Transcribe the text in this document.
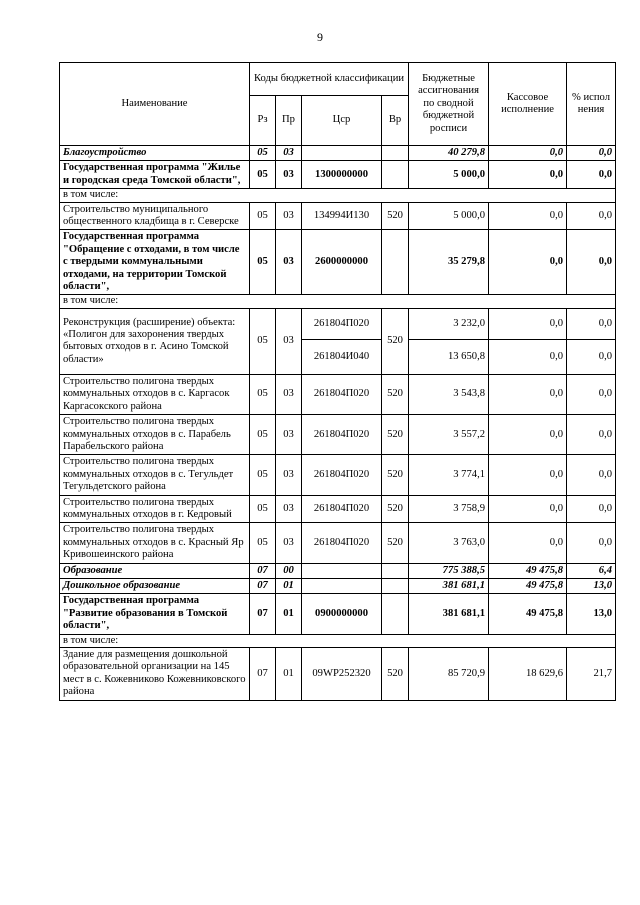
9
Наименование	Коды бюджетной классификации				Бюджетные ассигнования по сводной бюджетной росписи	Кассовое исполнение	% испол нения
	Рз	Пр	Цср	Вр			
Благоустройство	05	03			40 279,8	0,0	0,0
Государственная программа "Жилье и городская среда Томской области",	05	03	1300000000		5 000,0	0,0	0,0
в том числе:							
Строительство муниципального общественного кладбища в г. Северске	05	03	134994И130	520	5 000,0	0,0	0,0
Государственная программа "Обращение с отходами, в том числе с твердыми коммунальными отходами, на территории Томской области",	05	03	2600000000		35 279,8	0,0	0,0
в том числе:							
Реконструкция (расширение) объекта: «Полигон для захоронения твердых бытовых отходов в г. Асино Томской области»	05	03	261804П020	520	3 232,0	0,0	0,0
			261804И040		13 650,8	0,0	0,0
Строительство полигона твердых коммунальных отходов в с. Каргасок Каргасокского района	05	03	261804П020	520	3 543,8	0,0	0,0
Строительство полигона твердых коммунальных отходов в с. Парабель Парабельского района	05	03	261804П020	520	3 557,2	0,0	0,0
Строительство полигона твердых коммунальных отходов в с. Тегульдет Тегульдетского района	05	03	261804П020	520	3 774,1	0,0	0,0
Строительство полигона твердых коммунальных отходов в г. Кедровый	05	03	261804П020	520	3 758,9	0,0	0,0
Строительство полигона твердых коммунальных отходов в с. Красный Яр Кривошеинского района	05	03	261804П020	520	3 763,0	0,0	0,0
Образование	07	00			775 388,5	49 475,8	6,4
Дошкольное образование	07	01			381 681,1	49 475,8	13,0
Государственная программа "Развитие образования в Томской области",	07	01	0900000000		381 681,1	49 475,8	13,0
в том числе:							
Здание для размещения дошкольной образовательной организации на 145 мест в с. Кожевниково Кожевниковского района	07	01	09WP252320	520	85 720,9	18 629,6	21,7
